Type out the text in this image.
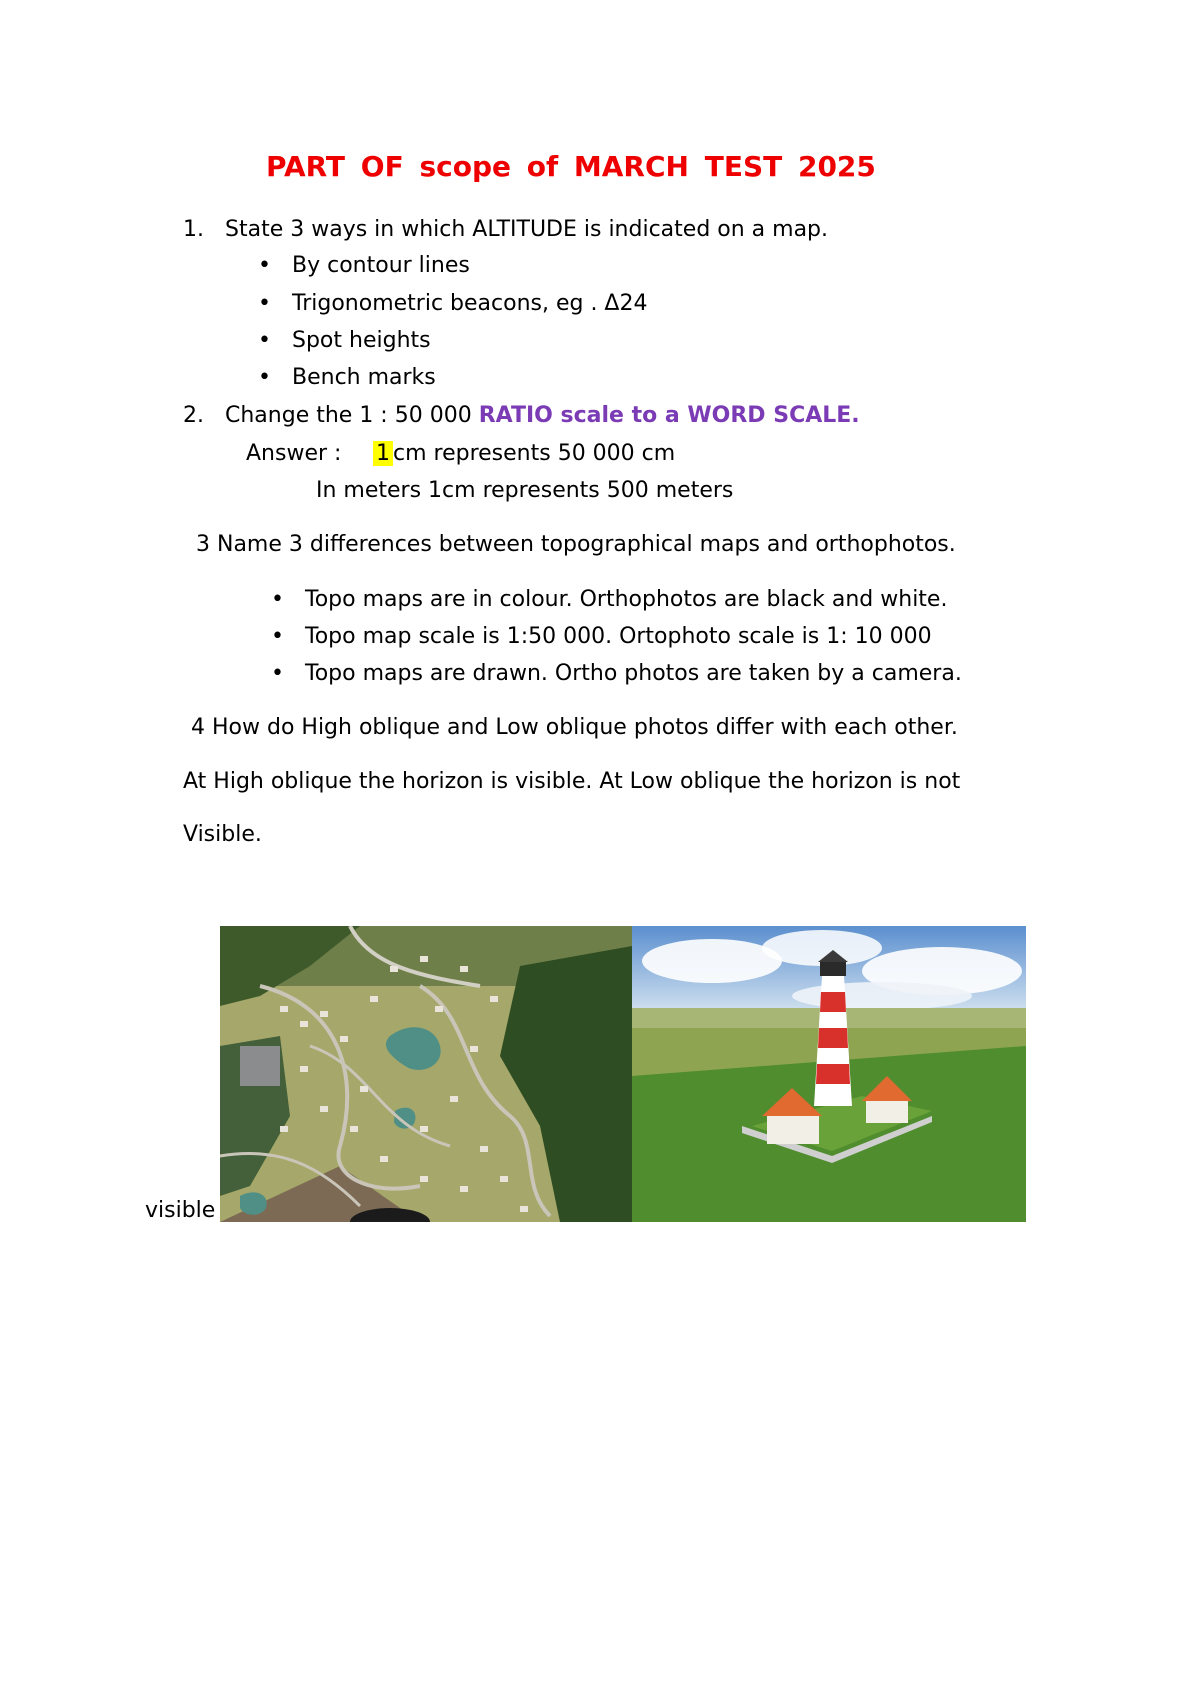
PART OF scope of MARCH TEST 2025
1. State 3 ways in which ALTITUDE is indicated on a map.
• By contour lines
• Trigonometric beacons, eg . Δ24
• Spot heights
• Bench marks
2. Change the 1 : 50 000 RATIO scale to a WORD SCALE.
Answer : 1 cm represents 50 000 cm
In meters 1cm represents 500 meters
3 Name 3 differences between topographical maps and orthophotos.
• Topo maps are in colour. Orthophotos are black and white.
• Topo map scale is 1:50 000. Ortophoto scale is 1: 10 000
• Topo maps are drawn. Ortho photos are taken by a camera.
4 How do High oblique and Low oblique photos differ with each other.
At High oblique the horizon is visible. At Low oblique the horizon is not
Visible.
visible
